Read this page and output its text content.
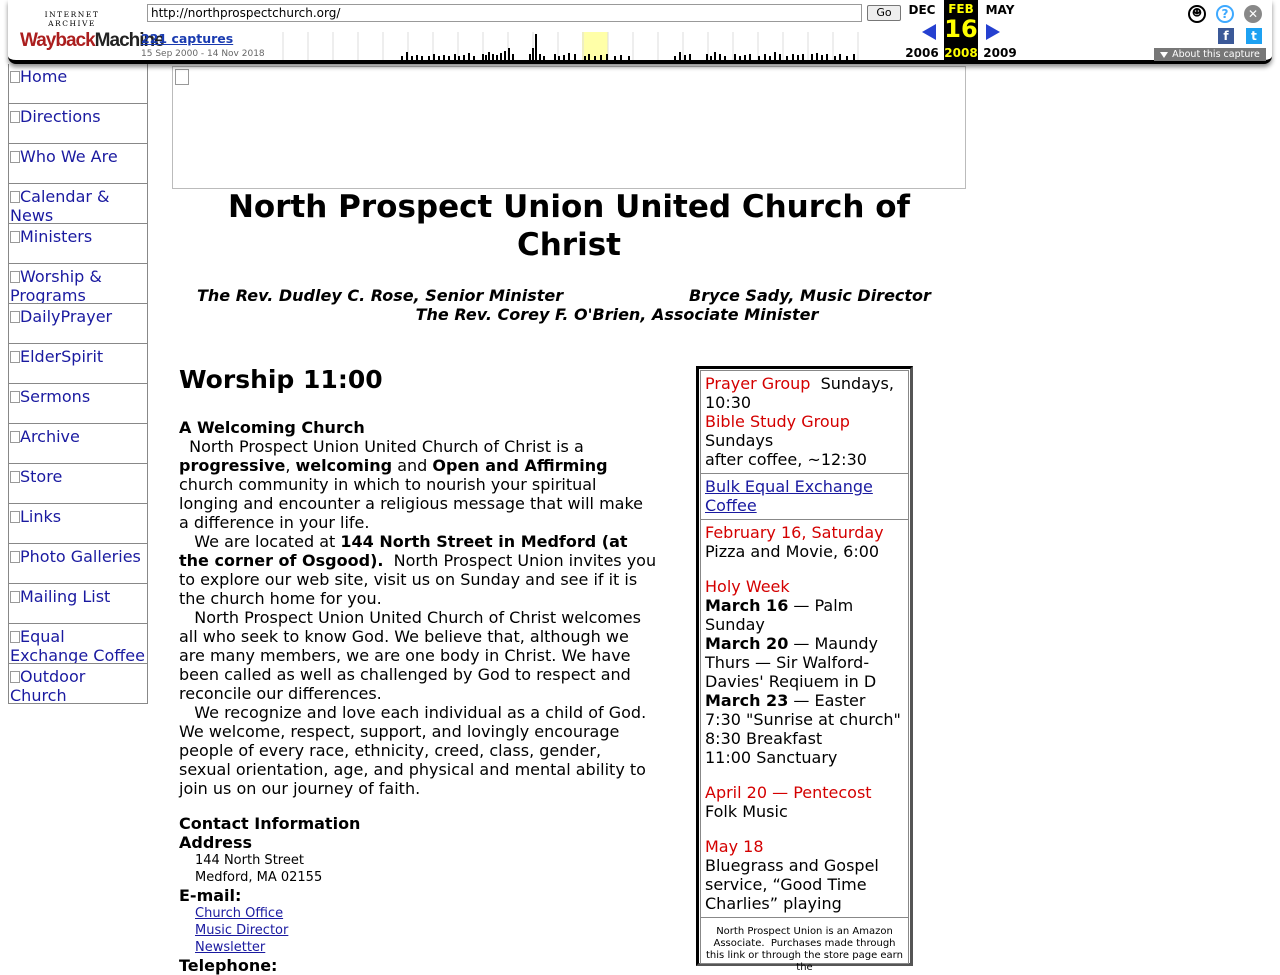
INTERNET ARCHIVE
WaybackMachine
http://northprospectchurch.org/	Go
221 captures
15 Sep 2000 - 14 Nov 2018
DEC
2006
FEB
16
2008
MAY
2009
☻	?	✕
f	t
About this capture
Home
Directions
Who We Are
Calendar & News
Ministers
Worship & Programs
DailyPrayer
ElderSpirit
Sermons
Archive
Store
Links
Photo Galleries
Mailing List
Equal Exchange Coffee
Outdoor Church
North Prospect Union United Church of Christ
The Rev. Dudley C. Rose, Senior Minister	Bryce Sady, Music Director
The Rev. Corey F. O'Brien, Associate Minister
Worship 11:00
A Welcoming Church

North Prospect Union United Church of Christ is a progressive, welcoming and Open and Affirming church community in which to nourish your spiritual longing and encounter a religious message that will make a difference in your life.

We are located at 144 North Street in Medford (at the corner of Osgood).  North Prospect Union invites you to explore our web site, visit us on Sunday and see if it is the church home for you.

North Prospect Union United Church of Christ welcomes all who seek to know God. We believe that, although we are many members, we are one body in Christ. We have been called as well as challenged by God to respect and reconcile our differences.

We recognize and love each individual as a child of God. We welcome, respect, support, and lovingly encourage people of every race, ethnicity, creed, class, gender, sexual orientation, age, and physical and mental ability to join us on our journey of faith.

Contact Information
Address
144 North Street
Medford, MA 02155
E-mail:
Church Office
Music Director
Newsletter
Telephone:
Prayer Group  Sundays, 10:30
Bible Study Group
Sundays
after coffee, ~12:30
Bulk Equal Exchange Coffee
February 16, Saturday
Pizza and Movie, 6:00
Holy Week
March 16 — Palm Sunday
March 20 — Maundy Thurs — Sir Walford-Davies' Reqiuem in D
March 23 — Easter
7:30 "Sunrise at church"
8:30 Breakfast
11:00 Sanctuary
April 20 — Pentecost
Folk Music
May 18
Bluegrass and Gospel service, “Good Time Charlies” playing
North Prospect Union is an Amazon Associate.  Purchases made through this link or through the store page earn the
